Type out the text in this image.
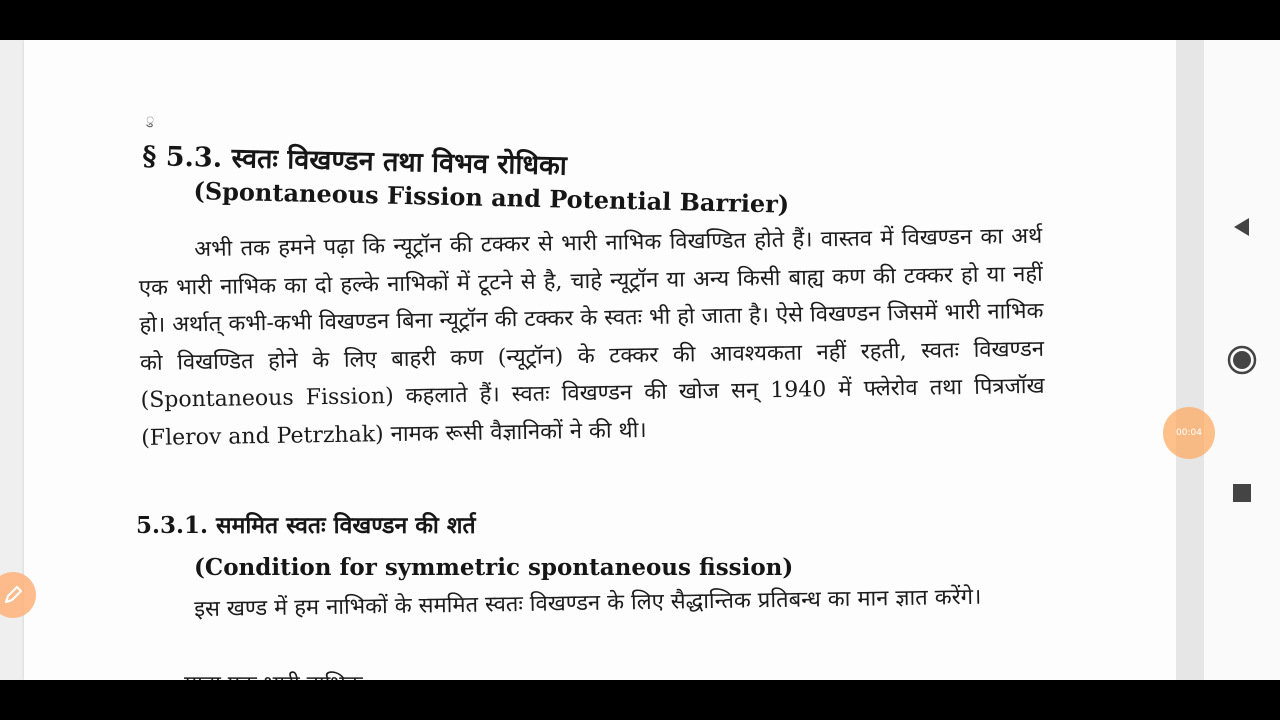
ु
§ 5.3. स्वतः विखण्डन तथा विभव रोधिका
(Spontaneous Fission and Potential Barrier)
अभी तक हमने पढ़ा कि न्यूट्रॉन की टक्कर से भारी नाभिक विखण्डित होते हैं। वास्तव में विखण्डन का अर्थ एक भारी नाभिक का दो हल्के नाभिकों में टूटने से है, चाहे न्यूट्रॉन या अन्य किसी बाह्य कण की टक्कर हो या नहीं हो। अर्थात् कभी-कभी विखण्डन बिना न्यूट्रॉन की टक्कर के स्वतः भी हो जाता है। ऐसे विखण्डन जिसमें भारी नाभिक को विखण्डित होने के लिए बाहरी कण (न्यूट्रॉन) के टक्कर की आवश्यकता नहीं रहती, स्वतः विखण्डन (Spontaneous Fission) कहलाते हैं। स्वतः विखण्डन की खोज सन् 1940 में फ्लेरोव तथा पित्रजॉख (Flerov and Petrzhak) नामक रूसी वैज्ञानिकों ने की थी।
5.3.1. सममित स्वतः विखण्डन की शर्त
(Condition for symmetric spontaneous fission)
इस खण्ड में हम नाभिकों के सममित स्वतः विखण्डन के लिए सैद्धान्तिक प्रतिबन्ध का मान ज्ञात करेंगे।
00:04
